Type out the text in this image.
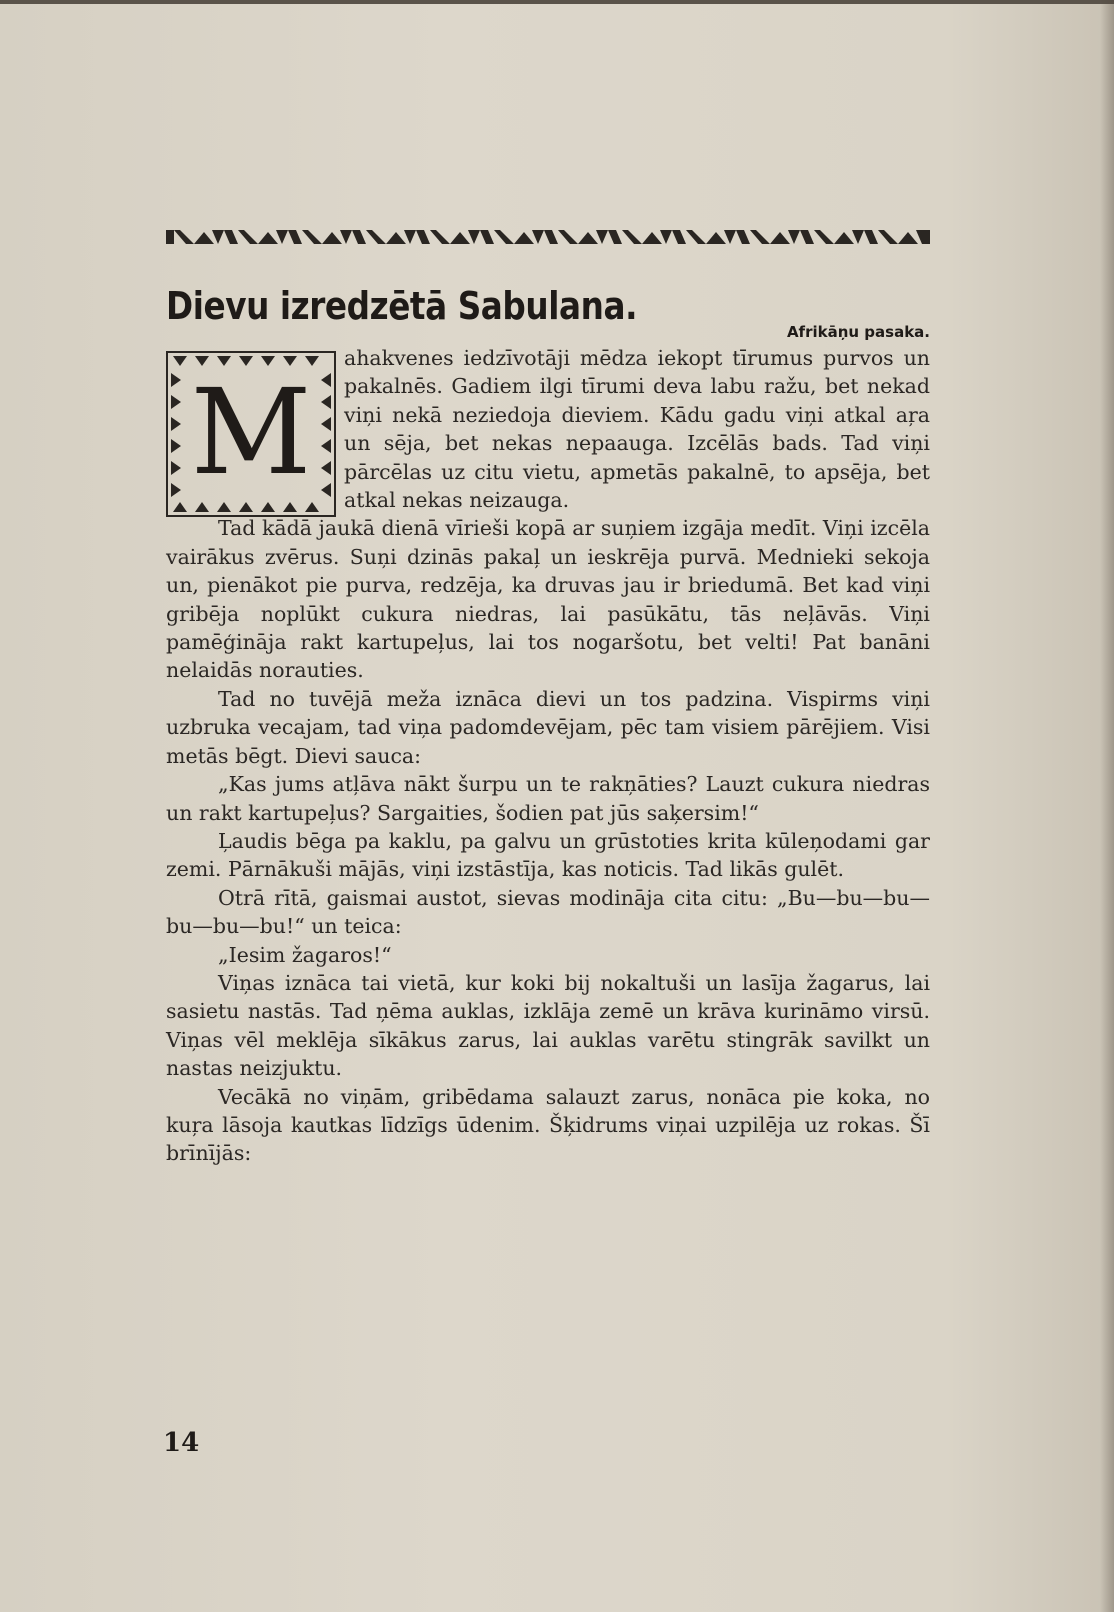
Dievu izredzētā Sabulana.
Afrikāņu pasaka.
M

ahakvenes iedzīvotāji mēdza iekopt tīrumus purvos un pakalnēs. Gadiem ilgi tīrumi deva labu ražu, bet nekad viņi nekā neziedoja dieviem. Kādu gadu viņi atkal aŗa un sēja, bet nekas nepaauga. Izcēlās bads. Tad viņi pārcēlas uz citu vietu, apmetās pakalnē, to apsēja, bet atkal nekas neizauga.

Tad kādā jaukā dienā vīrieši kopā ar suņiem izgāja medīt. Viņi izcēla vairākus zvērus. Suņi dzinās pakaļ un ieskrēja purvā. Mednieki sekoja un, pienākot pie purva, redzēja, ka druvas jau ir briedumā. Bet kad viņi gribēja noplūkt cukura niedras, lai pasūkātu, tās neļāvās. Viņi pamēģināja rakt kartupeļus, lai tos nogaršotu, bet velti! Pat banāni nelaidās norauties.

Tad no tuvējā meža iznāca dievi un tos padzina. Vispirms viņi uzbruka vecajam, tad viņa padomdevējam, pēc tam visiem pārējiem. Visi metās bēgt. Dievi sauca:

„Kas jums atļāva nākt šurpu un te rakņāties? Lauzt cukura niedras un rakt kartupeļus? Sargaities, šodien pat jūs saķersim!“

Ļaudis bēga pa kaklu, pa galvu un grūstoties krita kūleņodami gar zemi. Pārnākuši mājās, viņi izstāstīja, kas noticis. Tad likās gulēt.

Otrā rītā, gaismai austot, sievas modināja cita citu: „Bu—bu—bu—bu—bu—bu!“ un teica:

„Iesim žagaros!“

Viņas iznāca tai vietā, kur koki bij nokaltuši un lasīja žagarus, lai sasietu nastās. Tad ņēma auklas, izklāja zemē un krāva kurināmo virsū. Viņas vēl meklēja sīkākus zarus, lai auklas varētu stingrāk savilkt un nastas neizjuktu.

Vecākā no viņām, gribēdama salauzt zarus, nonāca pie koka, no kuŗa lāsoja kautkas līdzīgs ūdenim. Šķidrums viņai uzpilēja uz rokas. Šī brīnījās:

14
